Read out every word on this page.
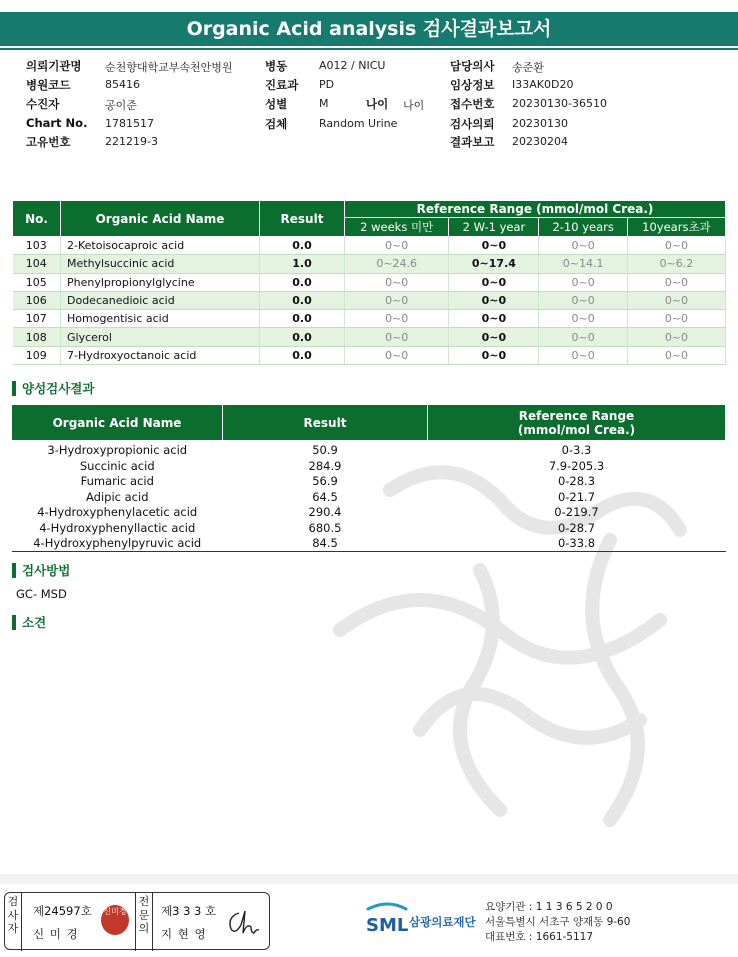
Organic Acid analysis 검사결과보고서
의뢰기관명 순천향대학교부속천안병원
병원코드	85416
수진자	공이준
Chart No. 1781517
고유번호	221219-3
병동	A012 / NICU
진료과 PD
성별	M	나이 나이
검체	Random Urine
담당의사 송준환
임상정보 I33AK0D20
접수번호 20230130-36510
검사의뢰 20230130
결과보고 20230204
No.	Organic Acid Name	Result	Reference Range (mmol/mol Crea.)			
			2 weeks 미만	2 W-1 year	2-10 years	10years초과
103	2-Ketoisocaproic acid	0.0	0~0	0~0	0~0	0~0
104	Methylsuccinic acid	1.0	0~24.6	0~17.4	0~14.1	0~6.2
105	Phenylpropionylglycine	0.0	0~0	0~0	0~0	0~0
106	Dodecanedioic acid	0.0	0~0	0~0	0~0	0~0
107	Homogentisic acid	0.0	0~0	0~0	0~0	0~0
108	Glycerol	0.0	0~0	0~0	0~0	0~0
109	7-Hydroxyoctanoic acid	0.0	0~0	0~0	0~0	0~0
양성검사결과
Organic Acid Name	Result	Reference Range
(mmol/mol Crea.)
3-Hydroxypropionic acid	50.9	0-3.3
Succinic acid	284.9	7.9-205.3
Fumaric acid	56.9	0-28.3
Adipic acid	64.5	0-21.7
4-Hydroxyphenylacetic acid	290.4	0-219.7
4-Hydroxyphenyllactic acid	680.5	0-28.7
4-Hydroxyphenylpyruvic acid	84.5	0-33.8
검사방법
GC- MSD
소견
검
사
자
제24597호
신 미 경
신미경
전
문
의
제3 3 3 호
지 현 영	SML 삼광의료재단
요양기관 : 1 1 3 6 5 2 0 0
서울특별시 서초구 양재동 9-60
대표번호 : 1661-5117
